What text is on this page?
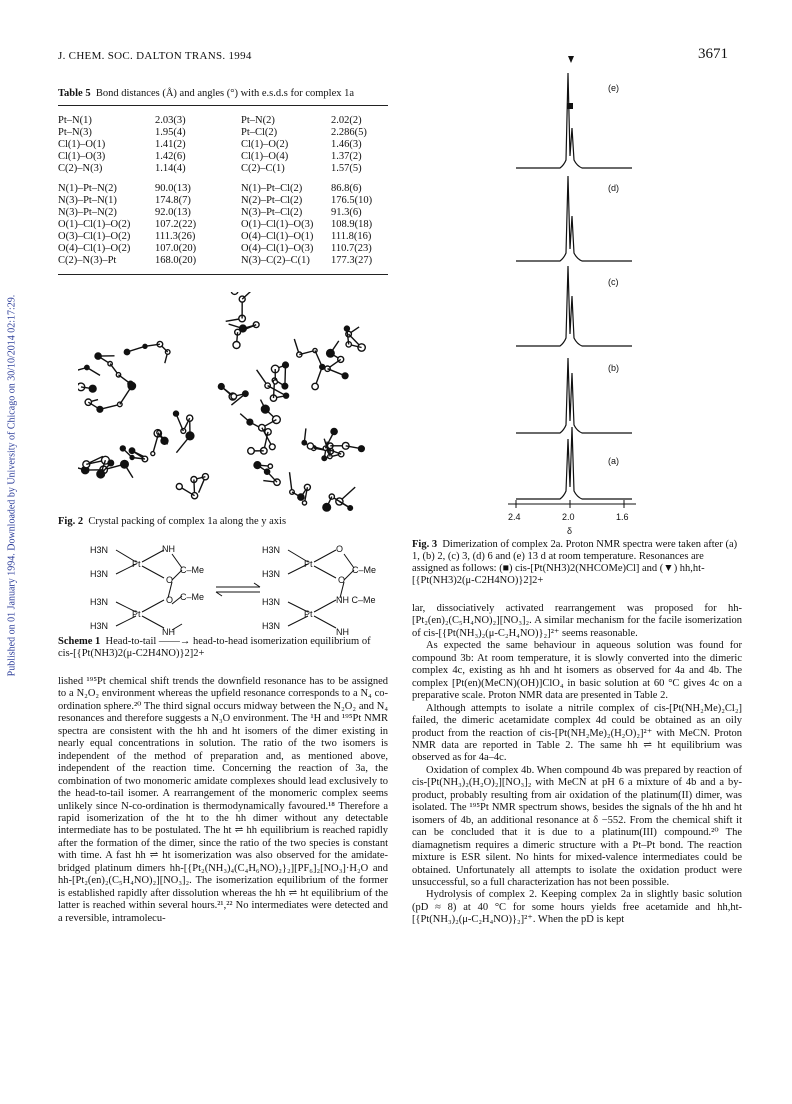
J. CHEM. SOC. DALTON TRANS. 1994	3671
Published on 01 January 1994. Downloaded by University of Chicago on 30/10/2014 02:17:29.
Table 5 Bond distances (Å) and angles (°) with e.s.d.s for complex 1a
Pt–N(1)	2.03(3)	Pt–N(2)	2.02(2)
Pt–N(3)	1.95(4)	Pt–Cl(2)	2.286(5)
Cl(1)–O(1)	1.41(2)	Cl(1)–O(2)	1.46(3)
Cl(1)–O(3)	1.42(6)	Cl(1)–O(4)	1.37(2)
C(2)–N(3)	1.14(4)	C(2)–C(1)	1.57(5)
N(1)–Pt–N(2)	90.0(13)	N(1)–Pt–Cl(2)	86.8(6)
N(3)–Pt–N(1)	174.8(7)	N(2)–Pt–Cl(2)	176.5(10)
N(3)–Pt–N(2)	92.0(13)	N(3)–Pt–Cl(2)	91.3(6)
O(1)–Cl(1)–O(2)	107.2(22)	O(1)–Cl(1)–O(3)	108.9(18)
O(3)–Cl(1)–O(2)	111.3(26)	O(4)–Cl(1)–O(1)	111.8(16)
O(4)–Cl(1)–O(2)	107.0(20)	O(4)–Cl(1)–O(3)	110.7(23)
C(2)–N(3)–Pt	168.0(20)	N(3)–C(2)–C(1)	177.3(27)
Fig. 2 Crystal packing of complex 1a along the y axis
H3N
H3N
Pt
NH
O
C–Me
H3N
H3N
Pt
O C–Me
NH
H3N
H3N
Pt
O
O
C–Me
H3N
H3N
Pt
NH C–Me
NH
Scheme 1 Head-to-tail ——→ head-to-head isomerization equilibrium of cis-[{Pt(NH3)2(μ-C2H4NO)}2]2+

lished ¹⁹⁵Pt chemical shift trends the downfield resonance has to be assigned to a N₂O₂ environment whereas the upfield resonance corresponds to a N₄ co-ordination sphere.²⁰ The third signal occurs midway between the N₂O₂ and N₄ resonances and therefore suggests a N₃O environment. The ¹H and ¹⁹⁵Pt NMR spectra are consistent with the hh and ht isomers of the dimer existing in nearly equal concentrations in solution. The ratio of the two isomers is independent of the method of preparation and, as mentioned above, independent of the reaction time. Concerning the reaction of 3a, the combination of two monomeric amidate complexes should lead exclusively to the head-to-tail isomer. A rearrangement of the monomeric complex seems unlikely since N-co-ordination is thermodynamically favoured.¹⁸ Therefore a rapid isomerization of the ht to the hh dimer without any detectable intermediate has to be postulated. The ht ⇌ hh equilibrium is reached rapidly after the formation of the dimer, since the ratio of the two species is constant with time. A fast hh ⇌ ht isomerization was also observed for the amidate-bridged platinum dimers hh-[{Pt₂(NH₃)₄(C₄H₆NO)₂}₂][PF₆]₂[NO₃]·H₂O and hh-[Pt₂(en)₂(C₅H₄NO)₂][NO₃]₂. The isomerization equilibrium of the former is established rapidly after dissolution whereas the hh ⇌ ht equilibrium of the latter is reached within several hours.²¹,²² No intermediates were detected and a reversible, intramolecu-

(e)
(d)
(c)
(b)
(a)
2.4	2.0	1.6
δ
Fig. 3 Dimerization of complex 2a. Proton NMR spectra were taken after (a) 1, (b) 2, (c) 3, (d) 6 and (e) 13 d at room temperature. Resonances are assigned as follows: (■) cis-[Pt(NH3)2(NHCOMe)Cl] and (▼) hh,ht-[{Pt(NH3)2(μ-C2H4NO)}2]2+

lar, dissociatively activated rearrangement was proposed for hh-[Pt₂(en)₂(C₅H₄NO)₂][NO₃]₂. A similar mechanism for the facile isomerization of cis-[{Pt(NH₃)₂(μ-C₂H₄NO)}₂]²⁺ seems reasonable.

As expected the same behaviour in aqueous solution was found for compound 3b: At room temperature, it is slowly converted into the dimeric complex 4c, existing as hh and ht isomers as observed for 4a and 4b. The complex [Pt(en)(MeCN)(OH)]ClO₄ in basic solution at 60 °C gives 4c on a preparative scale. Proton NMR data are presented in Table 2.

Although attempts to isolate a nitrile complex of cis-[Pt(NH₂Me)₂Cl₂] failed, the dimeric acetamidate complex 4d could be obtained as an oily product from the reaction of cis-[Pt(NH₂Me)₂(H₂O)₂]²⁺ with MeCN. Proton NMR data are reported in Table 2. The same hh ⇌ ht equilibrium was observed as for 4a–4c.

Oxidation of complex 4b. When compound 4b was prepared by reaction of cis-[Pt(NH₃)₂(H₂O)₂][NO₃]₂ with MeCN at pH 6 a mixture of 4b and a by-product, probably resulting from air oxidation of the platinum(II) dimer, was isolated. The ¹⁹⁵Pt NMR spectrum shows, besides the signals of the hh and ht isomers of 4b, an additional resonance at δ −552. From the chemical shift it can be concluded that it is due to a platinum(III) compound.²⁰ The diamagnetism requires a dimeric structure with a Pt–Pt bond. The reaction mixture is ESR silent. No hints for mixed-valence intermediates could be obtained. Unfortunately all attempts to isolate the oxidation product were unsuccessful, so a full characterization has not been possible.

Hydrolysis of complex 2. Keeping complex 2a in slightly basic solution (pD ≈ 8) at 40 °C for some hours yields free acetamide and hh,ht-[{Pt(NH₃)₂(μ-C₂H₄NO)}₂]²⁺. When the pD is kept
